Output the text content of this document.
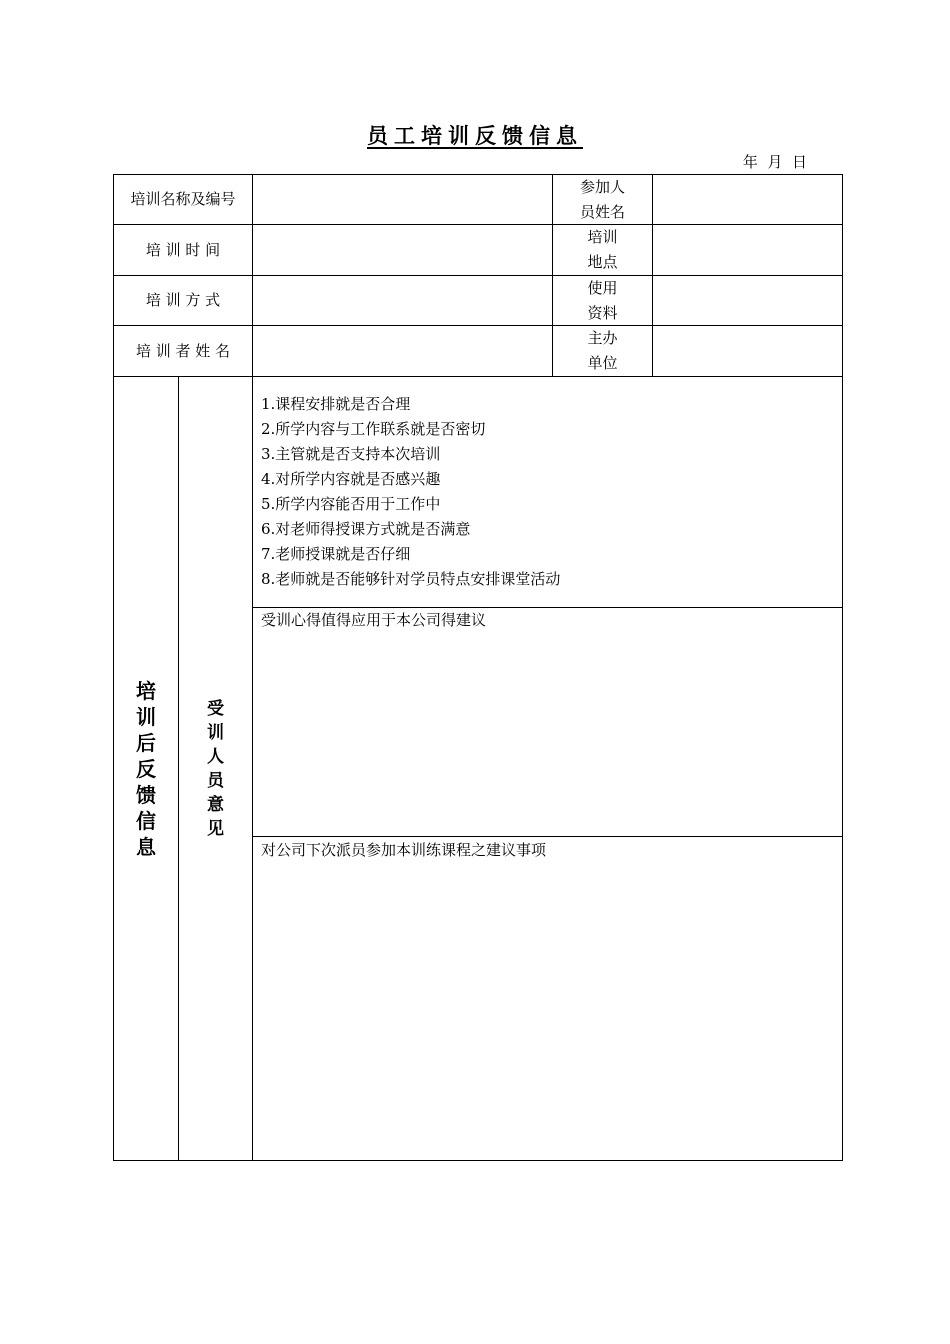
员工培训反馈信息
年  月  日
培训名称及编号
参加人
员姓名
培 训 时 间
培训
地点
培 训 方 式
使用
资料
培 训 者 姓 名
主办
单位
培
训
后
反
馈
信
息
受
训
人
员
意
见
1.课程安排就是否合理
2.所学内容与工作联系就是否密切
3.主管就是否支持本次培训
4.对所学内容就是否感兴趣
5.所学内容能否用于工作中
6.对老师得授课方式就是否满意
7.老师授课就是否仔细
8.老师就是否能够针对学员特点安排课堂活动
受训心得值得应用于本公司得建议
对公司下次派员参加本训练课程之建议事项
